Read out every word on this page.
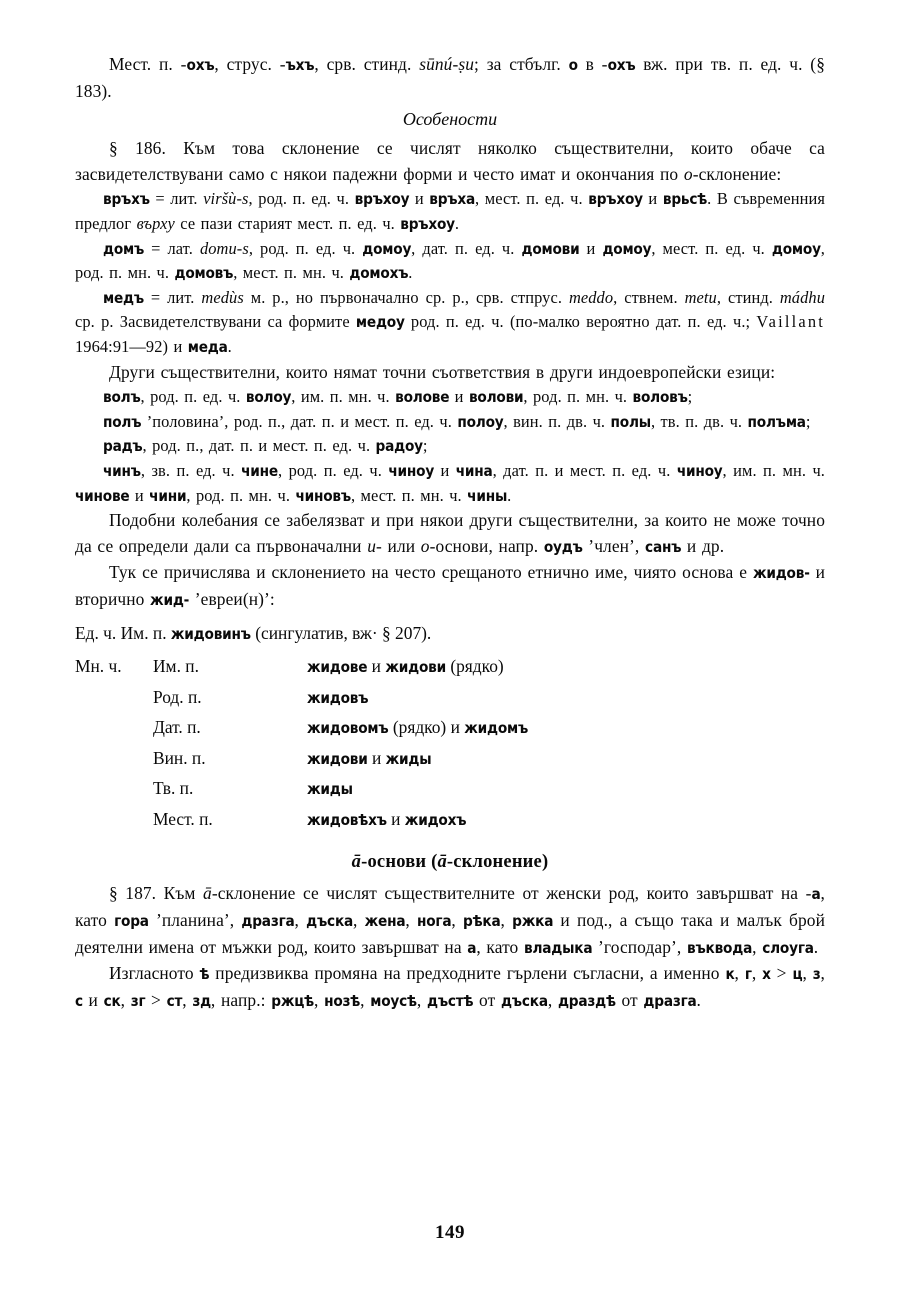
Мест. п. -охъ, струс. -ъхъ, срв. стинд. sūnú-ṣu; за стбълг. о в -охъ вж. при тв. п. ед. ч. (§ 183).

Особености

§ 186. Към това склонение се числят няколко съществителни, които обаче са засвидетелствувани само с някои падежни форми и често имат и окончания по о-склонение:

връхъ = лит. viršù-s, род. п. ед. ч. връхоу и връха, мест. п. ед. ч. връхоу и врьсѣ. В съвременния предлог върху се пази старият мест. п. ед. ч. връхоу.

домъ = лат. domu-s, род. п. ед. ч. домоу, дат. п. ед. ч. домови и домоу, мест. п. ед. ч. домоу, род. п. мн. ч. домовъ, мест. п. мн. ч. домохъ.

медъ = лит. medùs м. р., но първоначално ср. р., срв. стпрус. meddo, ствнем. metu, стинд. mádhu ср. р. Засвидетелствувани са формите медоу род. п. ед. ч. (по-малко вероятно дат. п. ед. ч.; Vaillant 1964:91—92) и меда.

Други съществителни, които нямат точни съответствия в други индоевропейски езици:

волъ, род. п. ед. ч. волоу, им. п. мн. ч. волове и волови, род. п. мн. ч. воловъ;

полъ ’половина’, род. п., дат. п. и мест. п. ед. ч. полоу, вин. п. дв. ч. полы, тв. п. дв. ч. полъма;

радъ, род. п., дат. п. и мест. п. ед. ч. радоу;

чинъ, зв. п. ед. ч. чине, род. п. ед. ч. чиноу и чина, дат. п. и мест. п. ед. ч. чиноу, им. п. мн. ч. чинове и чини, род. п. мн. ч. чиновъ, мест. п. мн. ч. чины.

Подобни колебания се забелязват и при някои други съществителни, за които не може точно да се определи дали са първоначални и- или о-основи, напр. оудъ ’член’, санъ и др.

Тук се причислява и склонението на често срещаното етнично име, чиято основа е жидов- и вторично жид- ’евреи(н)’:

Ед. ч. Им. п. жидовинъ (сингулатив, вж· § 207).

Мн. ч.	Им. п.	жидове и жидови (рядко)
	Род. п.	жидовъ
	Дат. п.	жидовомъ (рядко) и жидомъ
	Вин. п.	жидови и жиды
	Тв. п.	жиды
	Мест. п.	жидовѣхъ и жидохъ

ā-основи (ā-склонение)

§ 187. Към ā-склонение се числят съществителните от женски род, които завършват на -а, като гора ’планина’, дразга, дъска, жена, нога, рѣка, ржка и под., а също така и малък брой деятелни имена от мъжки род, които завършват на а, като владыка ’господар’, въквода, слоуга.

Изгласното ѣ предизвиква промяна на предходните гърлени съгласни, а именно к, г, х > ц, з, с и ск, зг > ст, зд, напр.: ржцѣ, нозѣ, моусѣ, дъстѣ от дъска, драздѣ от дразга.

149
